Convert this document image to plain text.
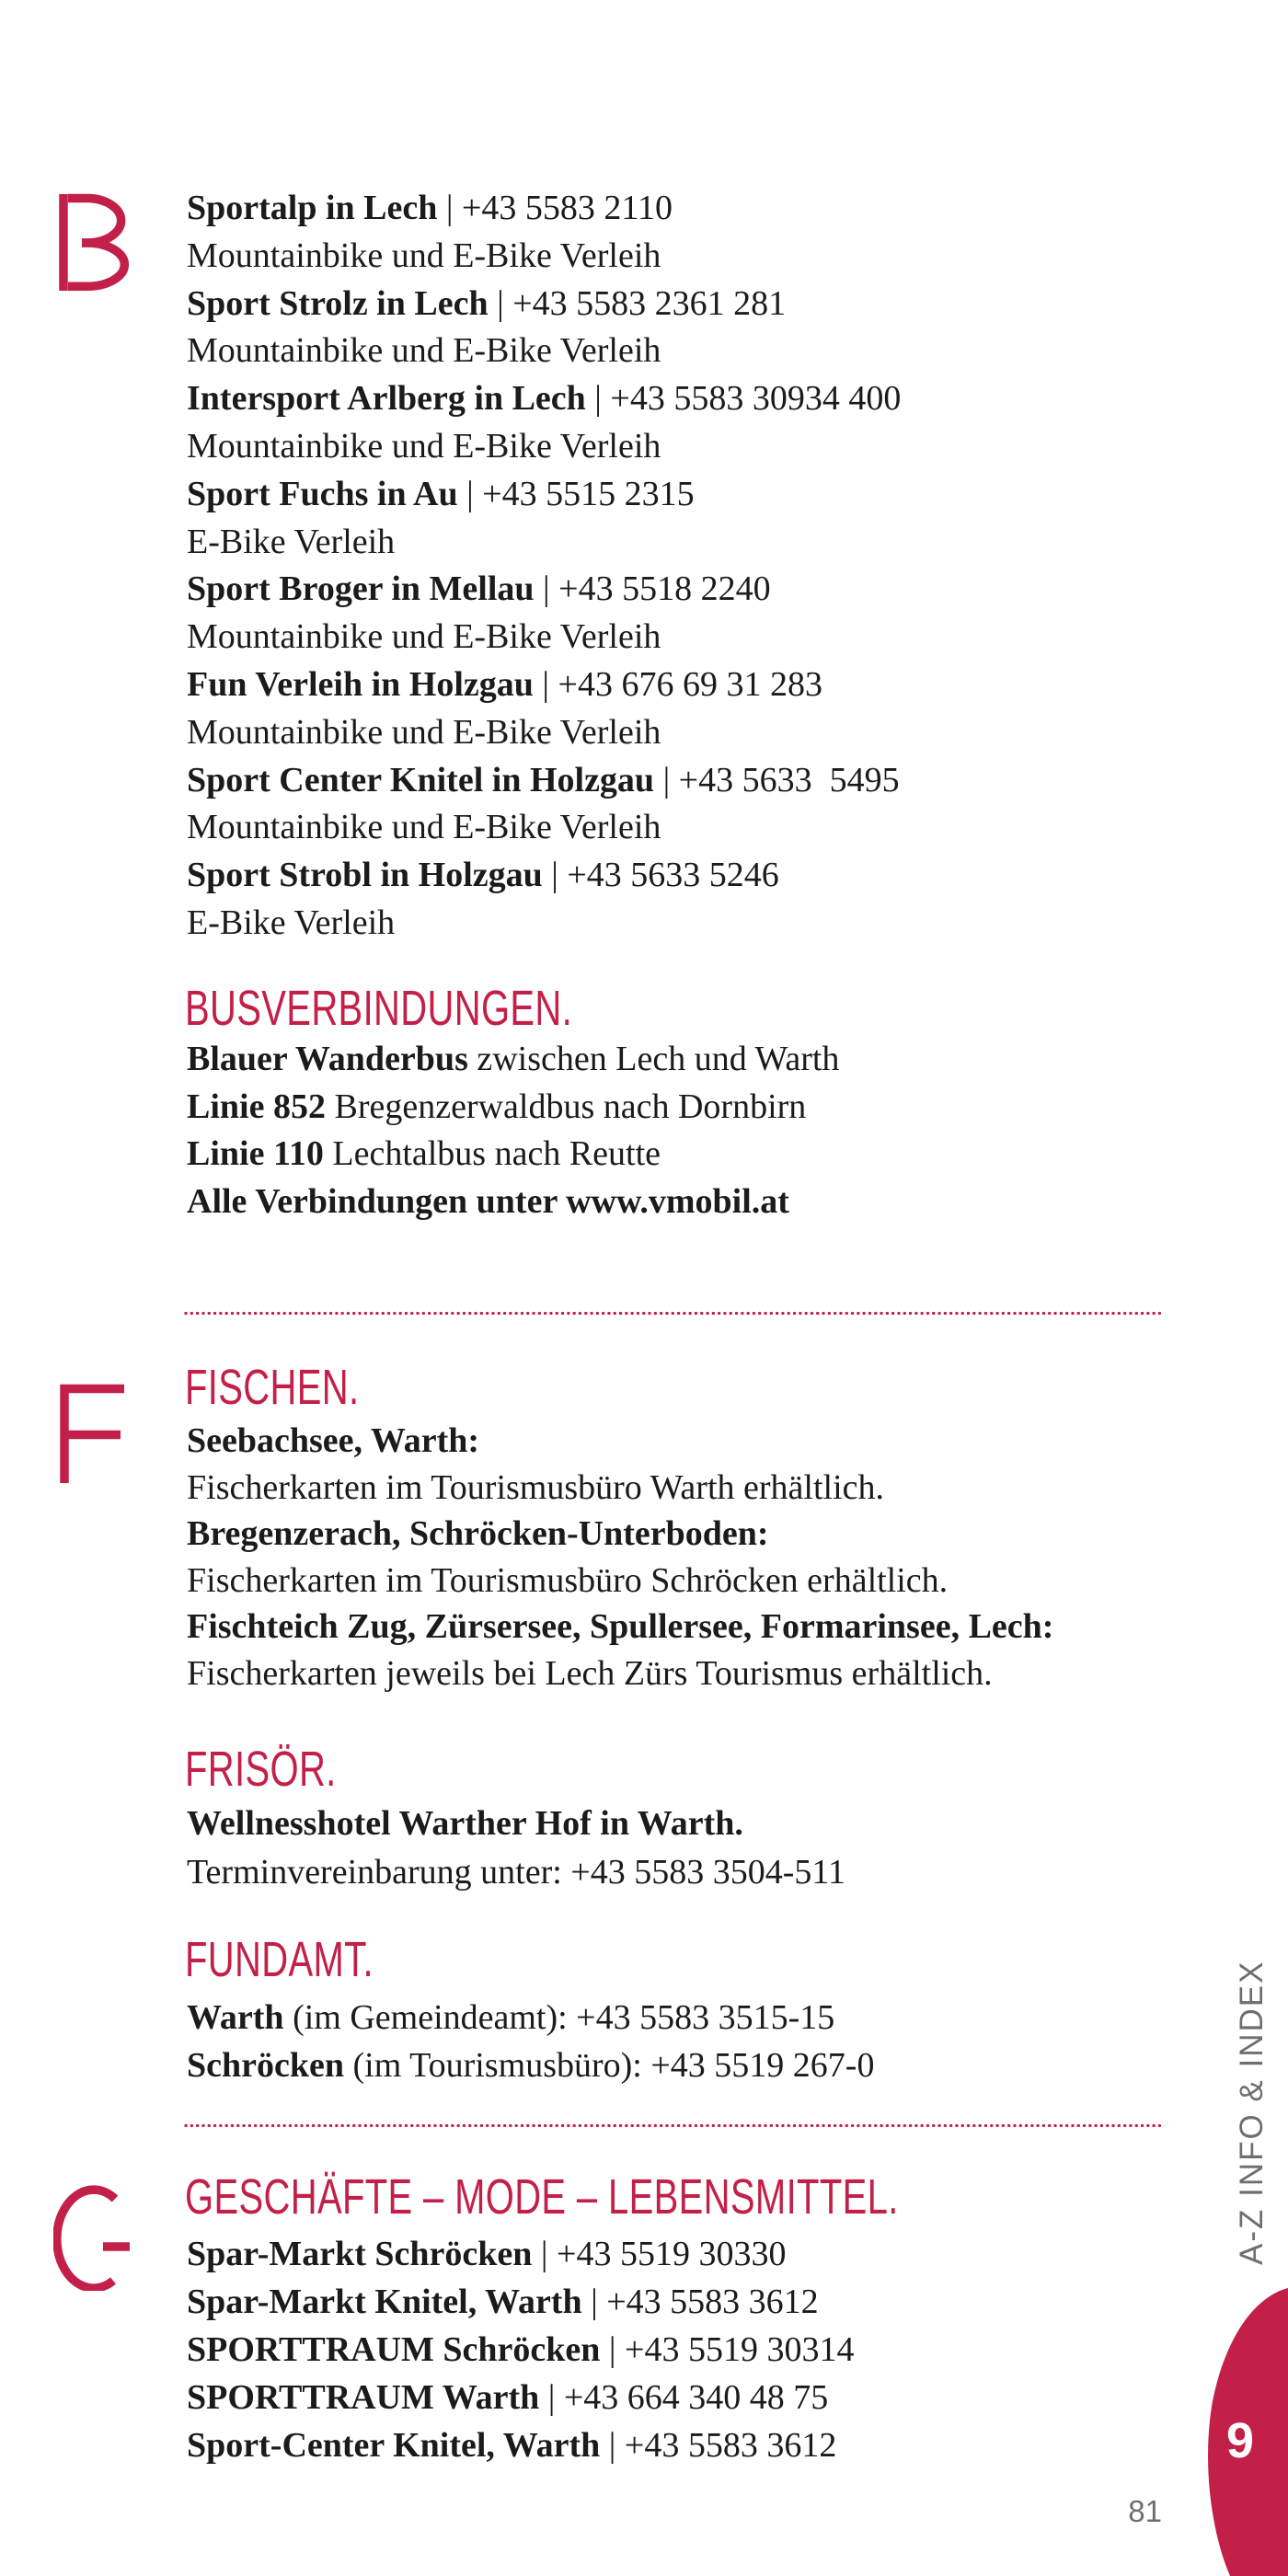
Sportalp in Lech | +43 5583 2110
Mountainbike und E-Bike Verleih
Sport Strolz in Lech | +43 5583 2361 281
Mountainbike und E-Bike Verleih
Intersport Arlberg in Lech | +43 5583 30934 400
Mountainbike und E-Bike Verleih
Sport Fuchs in Au | +43 5515 2315
E-Bike Verleih
Sport Broger in Mellau | +43 5518 2240
Mountainbike und E-Bike Verleih
Fun Verleih in Holzgau | +43 676 69 31 283
Mountainbike und E-Bike Verleih
Sport Center Knitel in Holzgau | +43 5633  5495
Mountainbike und E-Bike Verleih
Sport Strobl in Holzgau | +43 5633 5246
E-Bike Verleih
BUSVERBINDUNGEN.
Blauer Wanderbus zwischen Lech und Warth
Linie 852 Bregenzerwaldbus nach Dornbirn
Linie 110 Lechtalbus nach Reutte
Alle Verbindungen unter www.vmobil.at
FISCHEN.
Seebachsee, Warth:
Fischerkarten im Tourismusbüro Warth erhältlich.
Bregenzerach, Schröcken-Unterboden:
Fischerkarten im Tourismusbüro Schröcken erhältlich.
Fischteich Zug, Zürsersee, Spullersee, Formarinsee, Lech:
Fischerkarten jeweils bei Lech Zürs Tourismus erhältlich.
FRISÖR.
Wellnesshotel Warther Hof in Warth.
Terminvereinbarung unter: +43 5583 3504-511
FUNDAMT.
Warth (im Gemeindeamt): +43 5583 3515-15
Schröcken (im Tourismusbüro): +43 5519 267-0
GESCHÄFTE – MODE – LEBENSMITTEL.
Spar-Markt Schröcken | +43 5519 30330
Spar-Markt Knitel, Warth | +43 5583 3612
SPORTTRAUM Schröcken | +43 5519 30314
SPORTTRAUM Warth | +43 664 340 48 75
Sport-Center Knitel, Warth | +43 5583 3612
A-Z INFO & INDEX
9
81
